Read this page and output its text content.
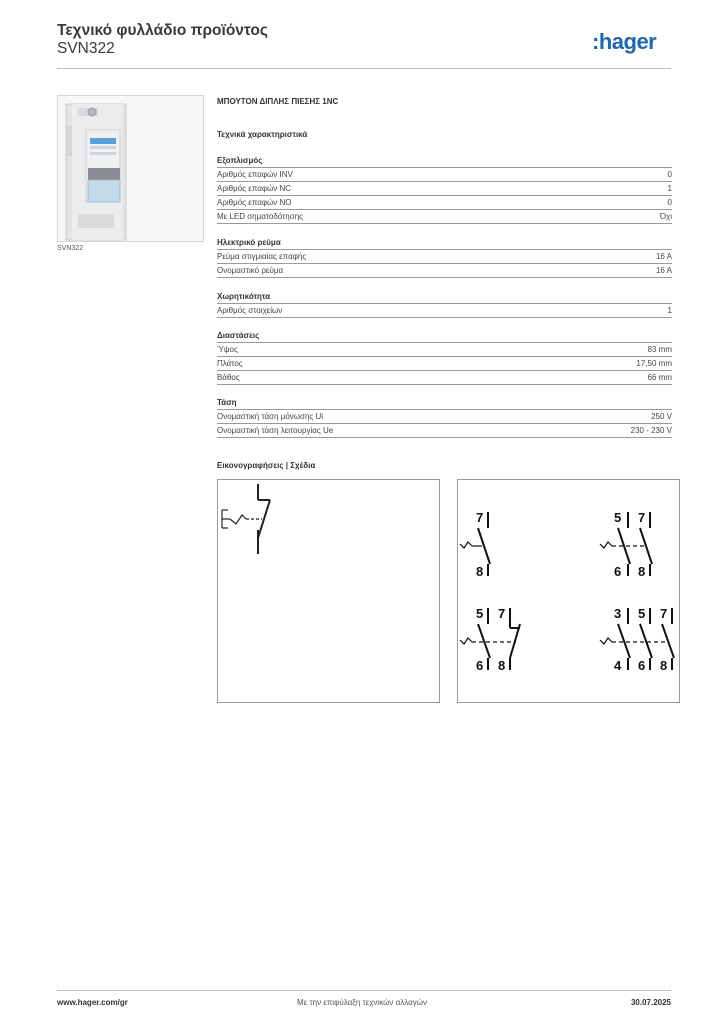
Τεχνικό φυλλάδιο προϊόντος
SVN322	:hager
SVN322
ΜΠΟΥΤΟΝ ΔΙΠΛΗΣ ΠΙΕΣΗΣ 1NC
Τεχνικά χαρακτηριστικά
Εξοπλισμός
Αριθμός επαφών INV	0
Αριθμός επαφών NC	1
Αριθμός επαφών NO	0
Με LED σηματοδότησης	Όχι
Ηλεκτρικό ρεύμα
Ρεύμα στιγμιαίας επαφής	16 A
Ονομαστικό ρεύμα	16 A
Χωρητικότητα
Αριθμός στοιχείων	1
Διαστάσεις
Ύψος	83 mm
Πλάτος	17,50 mm
Βάθος	66 mm
Τάση
Ονομαστική τάση μόνωσης Ui	250 V
Ονομαστική τάση λειτουργίας Ue	230 - 230 V
Εικονογραφήσεις | Σχέδια
7
8
5 7
6 8
5 7
6 8
3 5 7
4 6 8
www.hager.com/gr	Με την επιφύλαξη τεχνικών αλλαγών	30.07.2025
